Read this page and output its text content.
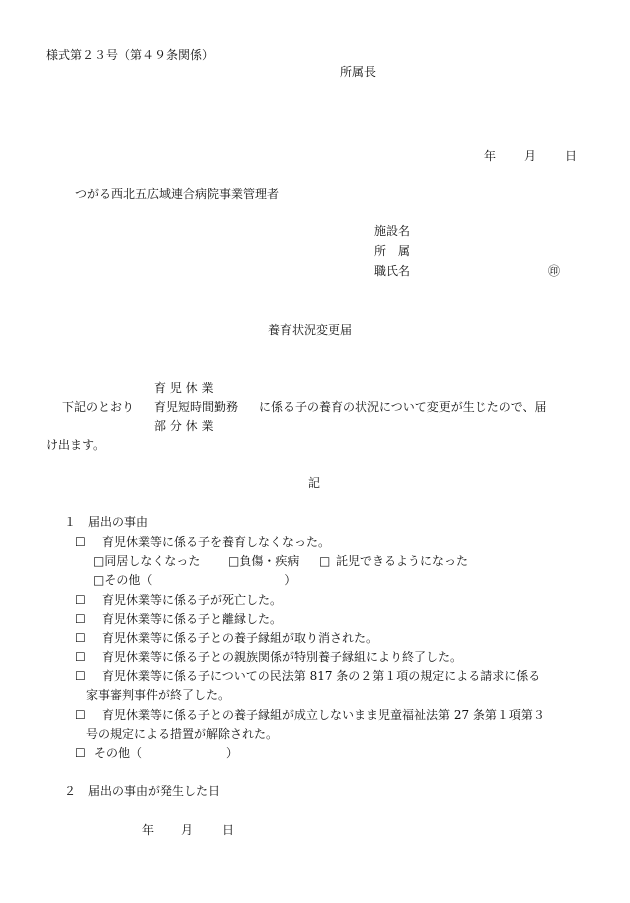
様式第２３号（第４９条関係）
所属長
年 月 日
つがる西北五広域連合病院事業管理者
施設名
所　属
職氏名	㊞
養育状況変更届
育 児 休 業
下記のとおり 育児短時間勤務 に係る子の養育の状況について変更が生じたので、届
部 分 休 業
け出ます。
記
１　届出の事由
☐ 育児休業等に係る子を養育しなくなった。
□同居しなくなった □負傷・疾病 □ 託児できるようになった
□その他（　　　　　　　　　　　）
☐ 育児休業等に係る子が死亡した。
☐ 育児休業等に係る子と離縁した。
☐ 育児休業等に係る子との養子縁組が取り消された。
☐ 育児休業等に係る子との親族関係が特別養子縁組により終了した。
☐ 育児休業等に係る子についての民法第 817 条の２第１項の規定による請求に係る
家事審判事件が終了した。
☐ 育児休業等に係る子との養子縁組が成立しないまま児童福祉法第 27 条第１項第３
号の規定による措置が解除された。
☐ その他（　　　　　　　）
２　届出の事由が発生した日
年 月 日
